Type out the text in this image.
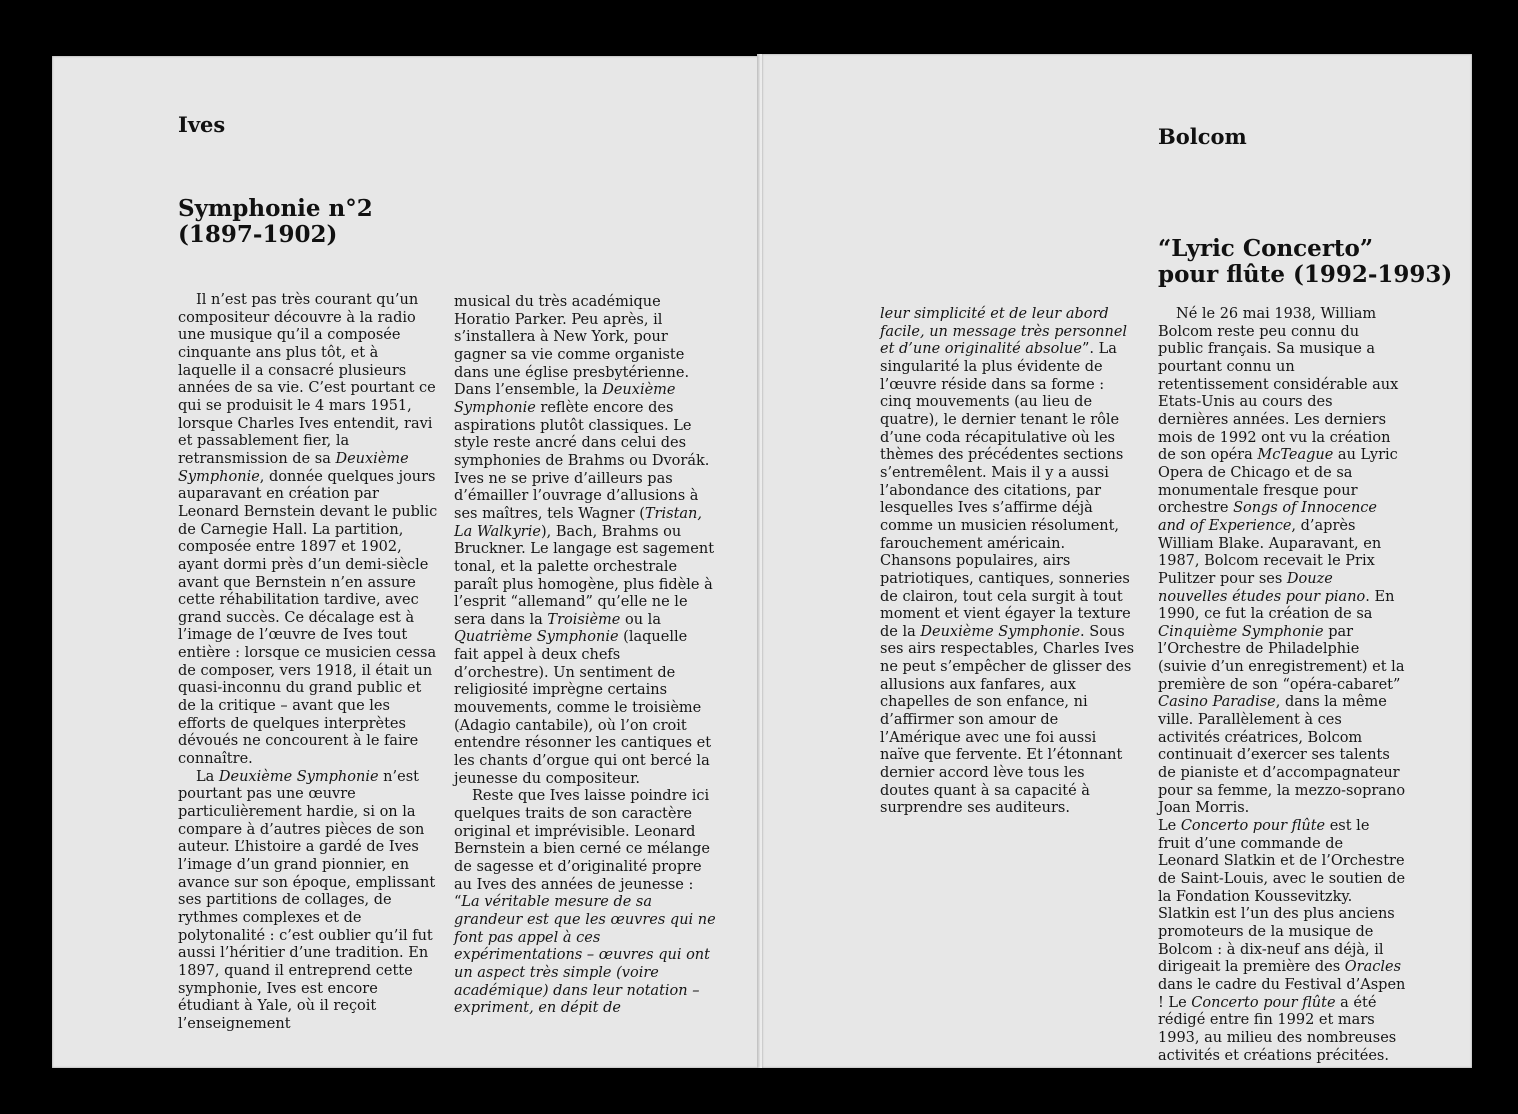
Ives
Symphonie n°2
(1897-1902)

Il n’est pas très courant qu’un compositeur découvre à la radio une musique qu’il a composée cinquante ans plus tôt, et à laquelle il a consacré plusieurs années de sa vie. C’est pourtant ce qui se produisit le 4 mars 1951, lorsque Charles Ives entendit, ravi et passablement fier, la retransmission de sa Deuxième Symphonie, donnée quelques jours auparavant en création par Leonard Bernstein devant le public de Carnegie Hall. La partition, composée entre 1897 et 1902, ayant dormi près d’un demi-siècle avant que Bernstein n’en assure cette réhabilitation tardive, avec grand succès. Ce décalage est à l’image de l’œuvre de Ives tout entière : lorsque ce musicien cessa de composer, vers 1918, il était un quasi-inconnu du grand public et de la critique – avant que les efforts de quelques interprètes dévoués ne concourent à le faire connaître.

La Deuxième Symphonie n’est pourtant pas une œuvre particulièrement hardie, si on la compare à d’autres pièces de son auteur. L’histoire a gardé de Ives l’image d’un grand pionnier, en avance sur son époque, emplissant ses partitions de collages, de rythmes complexes et de polytonalité : c’est oublier qu’il fut aussi l’héritier d’une tradition. En 1897, quand il entreprend cette symphonie, Ives est encore étudiant à Yale, où il reçoit l’enseignement

musical du très académique Horatio Parker. Peu après, il s’installera à New York, pour gagner sa vie comme organiste dans une église presbytérienne. Dans l’ensemble, la Deuxième Symphonie reflète encore des aspirations plutôt classiques. Le style reste ancré dans celui des symphonies de Brahms ou Dvorák. Ives ne se prive d’ailleurs pas d’émailler l’ouvrage d’allusions à ses maîtres, tels Wagner (Tristan, La Walkyrie), Bach, Brahms ou Bruckner. Le langage est sagement tonal, et la palette orchestrale paraît plus homogène, plus fidèle à l’esprit “allemand” qu’elle ne le sera dans la Troisième ou la Quatrième Symphonie (laquelle fait appel à deux chefs d’orchestre). Un sentiment de religiosité imprègne certains mouvements, comme le troisième (Adagio cantabile), où l’on croit entendre résonner les cantiques et les chants d’orgue qui ont bercé la jeunesse du compositeur.

Reste que Ives laisse poindre ici quelques traits de son caractère original et imprévisible. Leonard Bernstein a bien cerné ce mélange de sagesse et d’originalité propre au Ives des années de jeunesse : “La véritable mesure de sa grandeur est que les œuvres qui ne font pas appel à ces expérimentations – œuvres qui ont un aspect très simple (voire académique) dans leur notation – expriment, en dépit de

leur simplicité et de leur abord facile, un message très personnel et d’une originalité absolue”. La singularité la plus évidente de l’œuvre réside dans sa forme : cinq mouvements (au lieu de quatre), le dernier tenant le rôle d’une coda récapitulative où les thèmes des précédentes sections s’entremêlent. Mais il y a aussi l’abondance des citations, par lesquelles Ives s’affirme déjà comme un musicien résolument, farouchement américain. Chansons populaires, airs patriotiques, cantiques, sonneries de clairon, tout cela surgit à tout moment et vient égayer la texture de la Deuxième Symphonie. Sous ses airs respectables, Charles Ives ne peut s’empêcher de glisser des allusions aux fanfares, aux chapelles de son enfance, ni d’affirmer son amour de l’Amérique avec une foi aussi naïve que fervente. Et l’étonnant dernier accord lève tous les doutes quant à sa capacité à surprendre ses auditeurs.

Bolcom
“Lyric Concerto”
pour flûte (1992-1993)

Né le 26 mai 1938, William Bolcom reste peu connu du public français. Sa musique a pourtant connu un retentissement considérable aux Etats-Unis au cours des dernières années. Les derniers mois de 1992 ont vu la création de son opéra McTeague au Lyric Opera de Chicago et de sa monumentale fresque pour orchestre Songs of Innocence and of Experience, d’après William Blake. Auparavant, en 1987, Bolcom recevait le Prix Pulitzer pour ses Douze nouvelles études pour piano. En 1990, ce fut la création de sa Cinquième Symphonie par l’Orchestre de Philadelphie (suivie d’un enregistrement) et la première de son “opéra-cabaret” Casino Paradise, dans la même ville. Parallèlement à ces activités créatrices, Bolcom continuait d’exercer ses talents de pianiste et d’accompagnateur pour sa femme, la mezzo-soprano Joan Morris.

Le Concerto pour flûte est le fruit d’une commande de Leonard Slatkin et de l’Orchestre de Saint-Louis, avec le soutien de la Fondation Koussevitzky. Slatkin est l’un des plus anciens promoteurs de la musique de Bolcom : à dix-neuf ans déjà, il dirigeait la première des Oracles dans le cadre du Festival d’Aspen ! Le Concerto pour flûte a été rédigé entre fin 1992 et mars 1993, au milieu des nombreuses activités et créations précitées.
